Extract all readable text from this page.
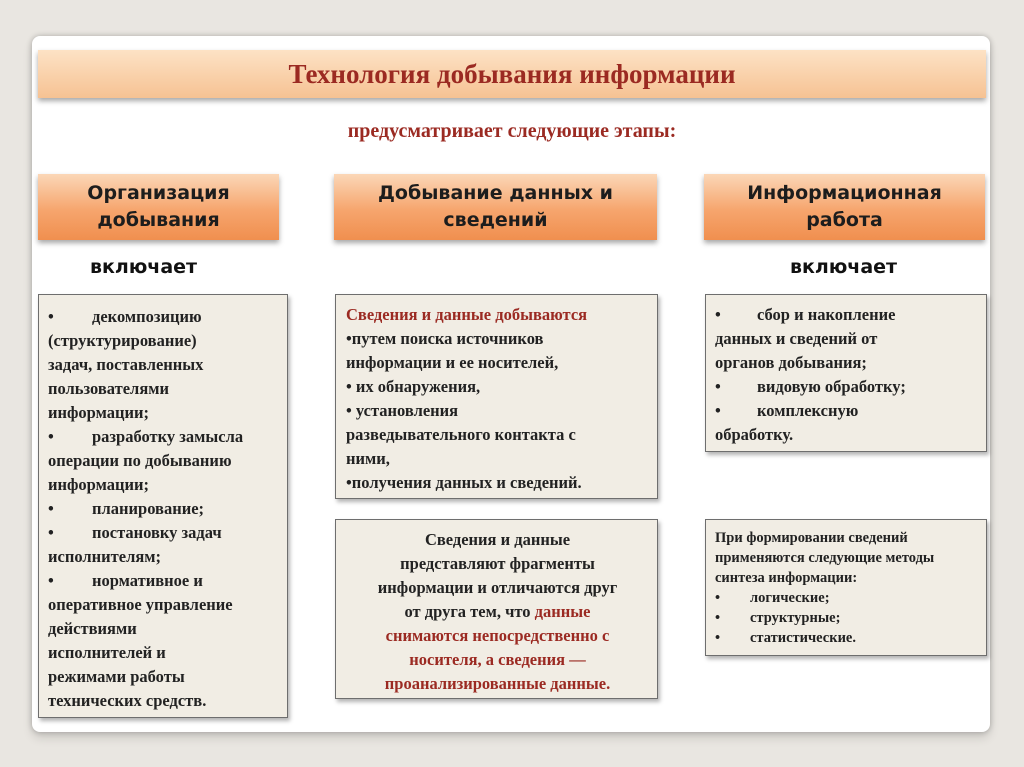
Технология добывания информации
предусматривает следующие этапы:
Организация
добывания
Добывание данных и
сведений
Информационная
работа
включает	включает
• декомпозицию
(структурирование)
задач, поставленных
пользователями
информации;
• разработку замысла
операции по добыванию
информации;
• планирование;
• постановку задач
исполнителям;
• нормативное и
оперативное управление
действиями
исполнителей и
режимами работы
технических средств.
Сведения и данные добываются
•путем поиска источников
информации и ее носителей,
• их обнаружения,
• установления
разведывательного контакта с
ними,
•получения данных и сведений.
Сведения и данные
представляют фрагменты
информации и отличаются друг
от друга тем, что данные
снимаются непосредственно с
носителя, а сведения —
проанализированные данные.
• сбор и накопление
данных и сведений от
органов добывания;
• видовую обработку;
• комплексную
обработку.
При формировании сведений
применяются следующие методы
синтеза информации:
• логические;
• структурные;
• статистические.
